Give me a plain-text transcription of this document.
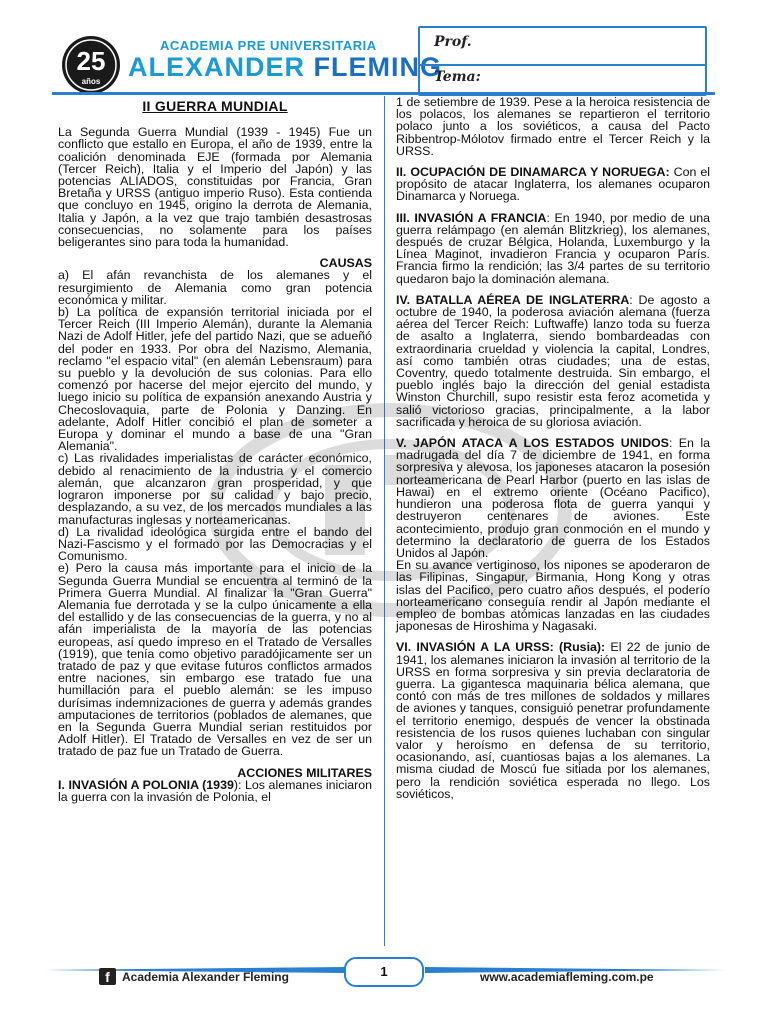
25
años
ACADEMIA PRE UNIVERSITARIA
ALEXANDER FLEMING
Prof.
Tema:
II GUERRA MUNDIAL

La Segunda Guerra Mundial (1939 - 1945) Fue un conflicto que estallo en Europa, el año de 1939, entre la coalición denominada EJE (formada por Alemania (Tercer Reich), Italia y el Imperio del Japón) y las potencias ALIADOS, constituidas por Francia, Gran Bretaña y URSS (antiguo imperio Ruso). Esta contienda que concluyo en 1945, origino la derrota de Alemania, Italia y Japón, a la vez que trajo también desastrosas consecuencias, no solamente para los países beligerantes sino para toda la humanidad.

CAUSAS

a) El afán revanchista de los alemanes y el resurgimiento de Alemania como gran potencia económica y militar.

b) La política de expansión territorial iniciada por el Tercer Reich (III Imperio Alemán), durante la Alemania Nazi de Adolf Hitler, jefe del partido Nazi, que se adueñó del poder en 1933. Por obra del Nazismo, Alemania, reclamo "el espacio vital" (en alemán Lebensraum) para su pueblo y la devolución de sus colonias. Para ello comenzó por hacerse del mejor ejercito del mundo, y luego inicio su política de expansión anexando Austria y Checoslovaquia, parte de Polonia y Danzing. En adelante, Adolf Hitler concibió el plan de someter a Europa y dominar el mundo a base de una "Gran Alemania".

c) Las rivalidades imperialistas de carácter económico, debido al renacimiento de la industria y el comercio alemán, que alcanzaron gran prosperidad, y que lograron imponerse por su calidad y bajo precio, desplazando, a su vez, de los mercados mundiales a las manufacturas inglesas y norteamericanas.

d) La rivalidad ideológica surgida entre el bando del Nazi-Fascismo y el formado por las Democracias y el Comunismo.

e) Pero la causa más importante para el inicio de la Segunda Guerra Mundial se encuentra al terminó de la Primera Guerra Mundial. Al finalizar la "Gran Guerra" Alemania fue derrotada y se la culpo únicamente a ella del estallido y de las consecuencias de la guerra, y no al afán imperialista de la mayoría de las potencias europeas, así quedo impreso en el Tratado de Versalles (1919), que tenía como objetivo paradójicamente ser un tratado de paz y que evitase futuros conflictos armados entre naciones, sin embargo ese tratado fue una humillación para el pueblo alemán: se les impuso durísimas indemnizaciones de guerra y además grandes amputaciones de territorios (poblados de alemanes, que en la Segunda Guerra Mundial serian restituidos por Adolf Hitler). El Tratado de Versalles en vez de ser un tratado de paz fue un Tratado de Guerra.

ACCIONES MILITARES

I. INVASIÓN A POLONIA (1939): Los alemanes iniciaron la guerra con la invasión de Polonia, el

1 de setiembre de 1939. Pese a la heroica resistencia de los polacos, los alemanes se repartieron el territorio polaco junto a los soviéticos, a causa del Pacto Ribbentrop-Mólotov firmado entre el Tercer Reich y la URSS.

II. OCUPACIÓN DE DINAMARCA Y NORUEGA: Con el propósito de atacar Inglaterra, los alemanes ocuparon Dinamarca y Noruega.

III. INVASIÓN A FRANCIA: En 1940, por medio de una guerra relámpago (en alemán Blitzkrieg), los alemanes, después de cruzar Bélgica, Holanda, Luxemburgo y la Línea Maginot, invadieron Francia y ocuparon París. Francia firmo la rendición; las 3/4 partes de su territorio quedaron bajo la dominación alemana.

IV. BATALLA AÉREA DE INGLATERRA: De agosto a octubre de 1940, la poderosa aviación alemana (fuerza aérea del Tercer Reich: Luftwaffe) lanzo toda su fuerza de asalto a Inglaterra, siendo bombardeadas con extraordinaria crueldad y violencia la capital, Londres, así como también otras ciudades; una de estas, Coventry, quedo totalmente destruida. Sin embargo, el pueblo inglés bajo la dirección del genial estadista Winston Churchill, supo resistir esta feroz acometida y salió victorioso gracias, principalmente, a la labor sacrificada y heroica de su gloriosa aviación.

V. JAPÓN ATACA A LOS ESTADOS UNIDOS: En la madrugada del día 7 de diciembre de 1941, en forma sorpresiva y alevosa, los japoneses atacaron la posesión norteamericana de Pearl Harbor (puerto en las islas de Hawai) en el extremo oriente (Océano Pacifico), hundieron una poderosa flota de guerra yanqui y destruyeron centenares de aviones. Este acontecimiento, produjo gran conmoción en el mundo y determino la declaratorio de guerra de los Estados Unidos al Japón.

En su avance vertiginoso, los nipones se apoderaron de las Filipinas, Singapur, Birmania, Hong Kong y otras islas del Pacifico, pero cuatro años después, el poderío norteamericano conseguía rendir al Japón mediante el empleo de bombas atómicas lanzadas en las ciudades japonesas de Hiroshima y Nagasaki.

VI. INVASIÓN A LA URSS: (Rusia): El 22 de junio de 1941, los alemanes iniciaron la invasión al territorio de la URSS en forma sorpresiva y sin previa declaratoria de guerra. La gigantesca maquinaria bélica alemana, que contó con más de tres millones de soldados y millares de aviones y tanques, consiguió penetrar profundamente el territorio enemigo, después de vencer la obstinada resistencia de los rusos quienes luchaban con singular valor y heroísmo en defensa de su territorio, ocasionando, así, cuantiosas bajas a los alemanes. La misma ciudad de Moscú fue sitiada por los alemanes, pero la rendición soviética esperada no llego. Los soviéticos,

f	Academia Alexander Fleming	1	www.academiafleming.com.pe
